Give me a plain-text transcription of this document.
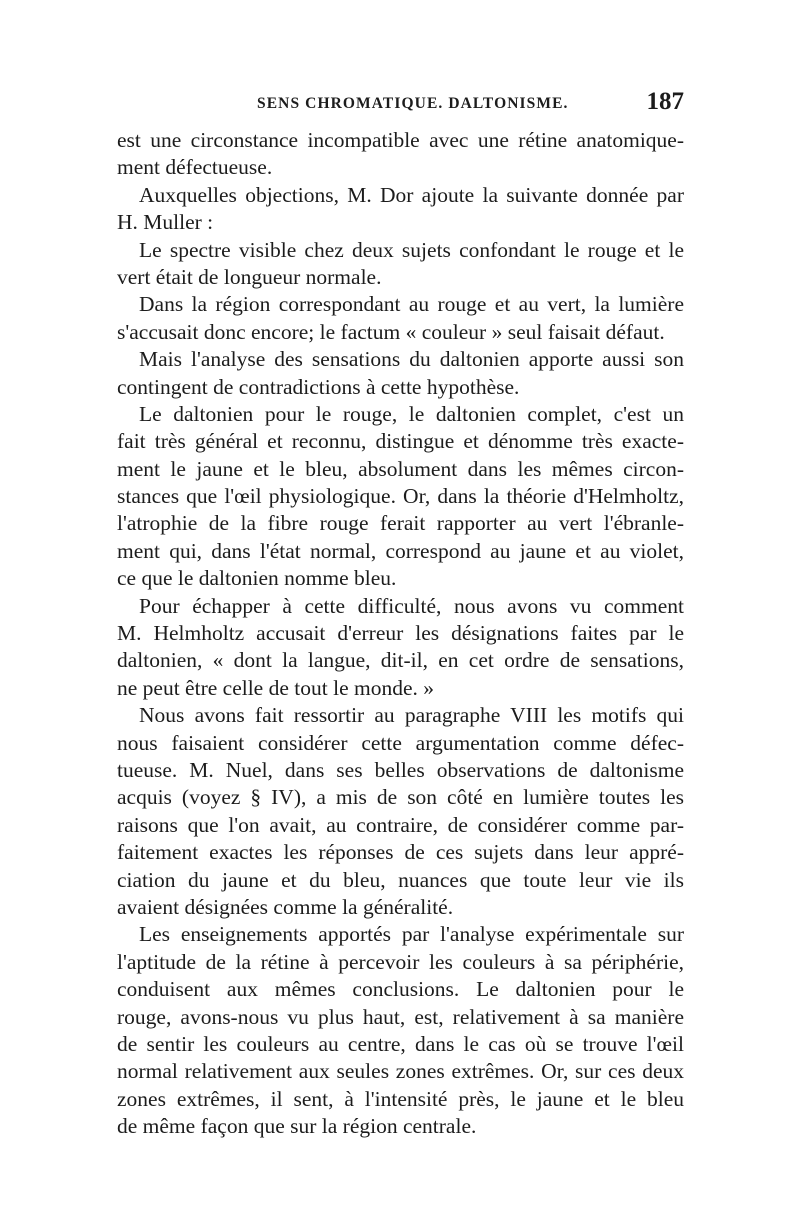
SENS CHROMATIQUE. DALTONISME.	187
est une circonstance incompatible avec une rétine anatomique-
ment défectueuse.
Auxquelles objections, M. Dor ajoute la suivante donnée par
H. Muller :
Le spectre visible chez deux sujets confondant le rouge et le
vert était de longueur normale.
Dans la région correspondant au rouge et au vert, la lumière
s'accusait donc encore; le factum « couleur » seul faisait défaut.
Mais l'analyse des sensations du daltonien apporte aussi son
contingent de contradictions à cette hypothèse.
Le daltonien pour le rouge, le daltonien complet, c'est un
fait très général et reconnu, distingue et dénomme très exacte-
ment le jaune et le bleu, absolument dans les mêmes circon-
stances que l'œil physiologique. Or, dans la théorie d'Helmholtz,
l'atrophie de la fibre rouge ferait rapporter au vert l'ébranle-
ment qui, dans l'état normal, correspond au jaune et au violet,
ce que le daltonien nomme bleu.
Pour échapper à cette difficulté, nous avons vu comment
M. Helmholtz accusait d'erreur les désignations faites par le
daltonien, « dont la langue, dit-il, en cet ordre de sensations,
ne peut être celle de tout le monde. »
Nous avons fait ressortir au paragraphe VIII les motifs qui
nous faisaient considérer cette argumentation comme défec-
tueuse. M. Nuel, dans ses belles observations de daltonisme
acquis (voyez § IV), a mis de son côté en lumière toutes les
raisons que l'on avait, au contraire, de considérer comme par-
faitement exactes les réponses de ces sujets dans leur appré-
ciation du jaune et du bleu, nuances que toute leur vie ils
avaient désignées comme la généralité.
Les enseignements apportés par l'analyse expérimentale sur
l'aptitude de la rétine à percevoir les couleurs à sa périphérie,
conduisent aux mêmes conclusions. Le daltonien pour le
rouge, avons-nous vu plus haut, est, relativement à sa manière
de sentir les couleurs au centre, dans le cas où se trouve l'œil
normal relativement aux seules zones extrêmes. Or, sur ces deux
zones extrêmes, il sent, à l'intensité près, le jaune et le bleu
de même façon que sur la région centrale.
